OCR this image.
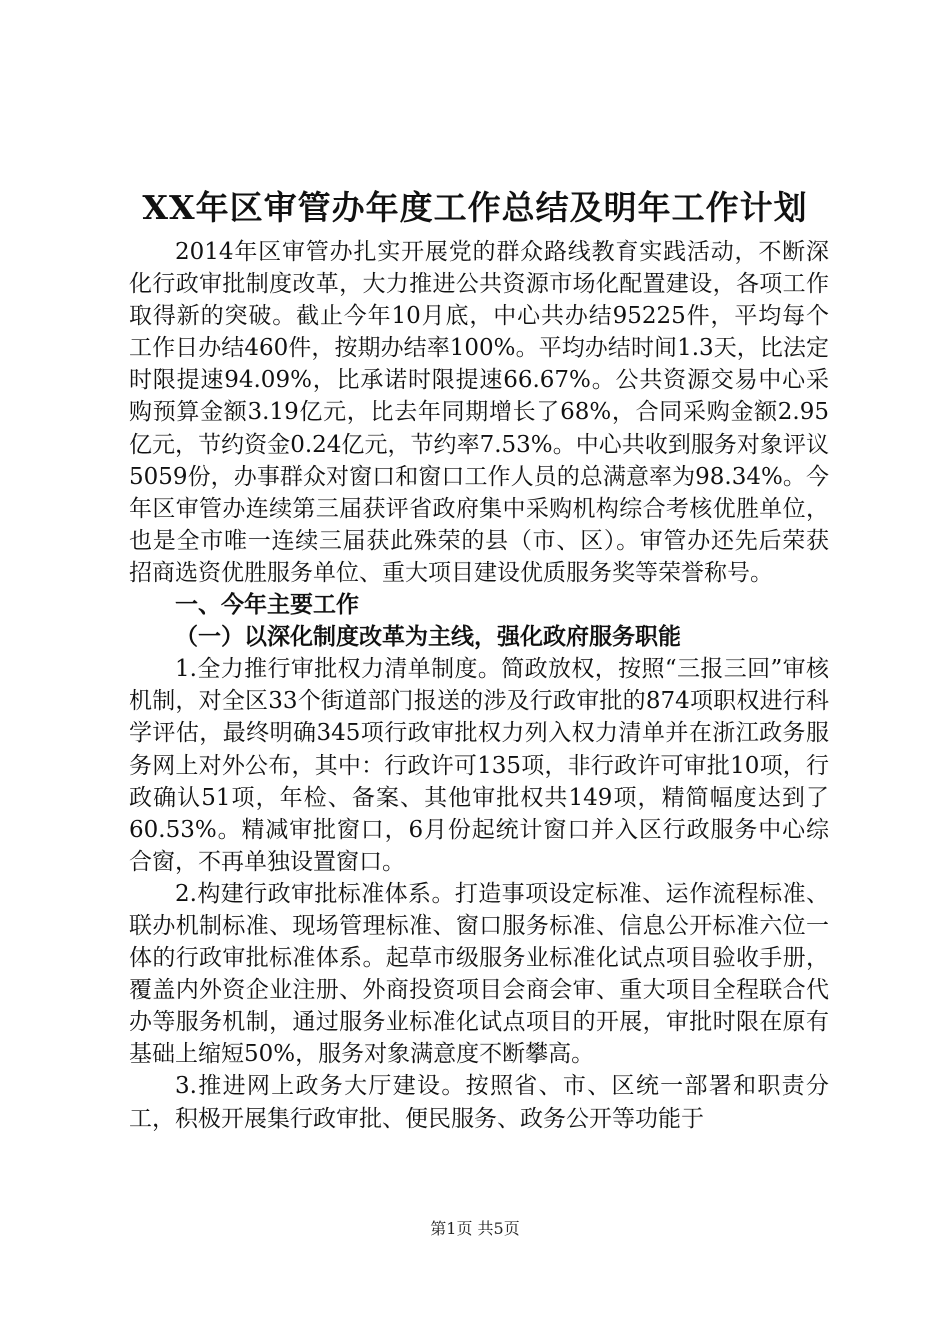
XX年区审管办年度工作总结及明年工作计划

2014年区审管办扎实开展党的群众路线教育实践活动，不断深化行政审批制度改革，大力推进公共资源市场化配置建设，各项工作取得新的突破。截止今年10月底，中心共办结95225件，平均每个工作日办结460件，按期办结率100%。平均办结时间1.3天，比法定时限提速94.09%，比承诺时限提速66.67%。公共资源交易中心采购预算金额3.19亿元，比去年同期增长了68%，合同采购金额2.95亿元，节约资金0.24亿元，节约率7.53%。中心共收到服务对象评议5059份，办事群众对窗口和窗口工作人员的总满意率为98.34%。今年区审管办连续第三届获评省政府集中采购机构综合考核优胜单位，也是全市唯一连续三届获此殊荣的县（市、区）。审管办还先后荣获招商选资优胜服务单位、重大项目建设优质服务奖等荣誉称号。

一、今年主要工作

（一）以深化制度改革为主线，强化政府服务职能

1.全力推行审批权力清单制度。简政放权，按照“三报三回”审核机制，对全区33个街道部门报送的涉及行政审批的874项职权进行科学评估，最终明确345项行政审批权力列入权力清单并在浙江政务服务网上对外公布，其中：行政许可135项，非行政许可审批10项，行政确认51项，年检、备案、其他审批权共149项，精简幅度达到了60.53%。精减审批窗口，6月份起统计窗口并入区行政服务中心综合窗，不再单独设置窗口。

2.构建行政审批标准体系。打造事项设定标准、运作流程标准、联办机制标准、现场管理标准、窗口服务标准、信息公开标准六位一体的行政审批标准体系。起草市级服务业标准化试点项目验收手册，覆盖内外资企业注册、外商投资项目会商会审、重大项目全程联合代办等服务机制，通过服务业标准化试点项目的开展，审批时限在原有基础上缩短50%，服务对象满意度不断攀高。

3.推进网上政务大厅建设。按照省、市、区统一部署和职责分工，积极开展集行政审批、便民服务、政务公开等功能于

第1页 共5页
